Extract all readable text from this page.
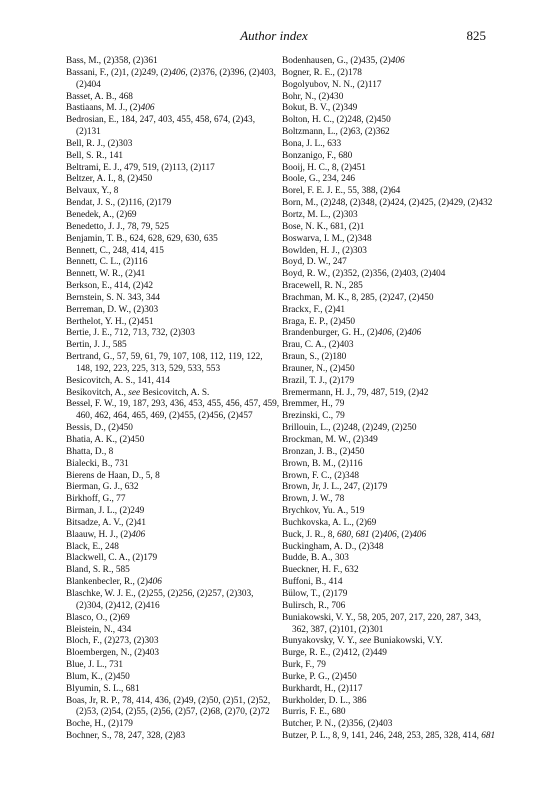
Author index	825
Bass, M., (2)358, (2)361
Bassani, F., (2)1, (2)249, (2)406, (2)376, (2)396, (2)403, (2)404
Basset, A. B., 468
Bastiaans, M. J., (2)406
Bedrosian, E., 184, 247, 403, 455, 458, 674, (2)43, (2)131
Bell, R. J., (2)303
Bell, S. R., 141
Beltrami, E. J., 479, 519, (2)113, (2)117
Beltzer, A. I., 8, (2)450
Belvaux, Y., 8
Bendat, J. S., (2)116, (2)179
Benedek, A., (2)69
Benedetto, J. J., 78, 79, 525
Benjamin, T. B., 624, 628, 629, 630, 635
Bennett, C., 248, 414, 415
Bennett, C. L., (2)116
Bennett, W. R., (2)41
Berkson, E., 414, (2)42
Bernstein, S. N. 343, 344
Berreman, D. W., (2)303
Berthelot, Y. H., (2)451
Bertie, J. E., 712, 713, 732, (2)303
Bertin, J. J., 585
Bertrand, G., 57, 59, 61, 79, 107, 108, 112, 119, 122, 148, 192, 223, 225, 313, 529, 533, 553
Besicovitch, A. S., 141, 414
Besikovitch, A., see Besicovitch, A. S.
Bessel, F. W., 19, 187, 293, 436, 453, 455, 456, 457, 459, 460, 462, 464, 465, 469, (2)455, (2)456, (2)457
Bessis, D., (2)450
Bhatia, A. K., (2)450
Bhatta, D., 8
Bialecki, B., 731
Bierens de Haan, D., 5, 8
Bierman, G. J., 632
Birkhoff, G., 77
Birman, J. L., (2)249
Bitsadze, A. V., (2)41
Blaauw, H. J., (2)406
Black, E., 248
Blackwell, C. A., (2)179
Bland, S. R., 585
Blankenbecler, R., (2)406
Blaschke, W. J. E., (2)255, (2)256, (2)257, (2)303, (2)304, (2)412, (2)416
Blasco, O., (2)69
Bleistein, N., 434
Bloch, F., (2)273, (2)303
Bloembergen, N., (2)403
Blue, J. L., 731
Blum, K., (2)450
Blyumin, S. L., 681
Boas, Jr, R. P., 78, 414, 436, (2)49, (2)50, (2)51, (2)52, (2)53, (2)54, (2)55, (2)56, (2)57, (2)68, (2)70, (2)72
Boche, H., (2)179
Bochner, S., 78, 247, 328, (2)83
Bodenhausen, G., (2)435, (2)406
Bogner, R. E., (2)178
Bogolyubov, N. N., (2)117
Bohr, N., (2)430
Bokut, B. V., (2)349
Bolton, H. C., (2)248, (2)450
Boltzmann, L., (2)63, (2)362
Bona, J. L., 633
Bonzanigo, F., 680
Booij, H. C., 8, (2)451
Boole, G., 234, 246
Borel, F. E. J. E., 55, 388, (2)64
Born, M., (2)248, (2)348, (2)424, (2)425, (2)429, (2)432
Bortz, M. L., (2)303
Bose, N. K., 681, (2)1
Boswarva, I. M., (2)348
Bowlden, H. J., (2)303
Boyd, D. W., 247
Boyd, R. W., (2)352, (2)356, (2)403, (2)404
Bracewell, R. N., 285
Brachman, M. K., 8, 285, (2)247, (2)450
Brackx, F., (2)41
Braga, E. P., (2)450
Brandenburger, G. H., (2)406, (2)406
Brau, C. A., (2)403
Braun, S., (2)180
Brauner, N., (2)450
Brazil, T. J., (2)179
Bremermann, H. J., 79, 487, 519, (2)42
Bremmer, H., 79
Brezinski, C., 79
Brillouin, L., (2)248, (2)249, (2)250
Brockman, M. W., (2)349
Bronzan, J. B., (2)450
Brown, B. M., (2)116
Brown, F. C., (2)348
Brown, Jr, J. L., 247, (2)179
Brown, J. W., 78
Brychkov, Yu. A., 519
Buchkovska, A. L., (2)69
Buck, J. R., 8, 680, 681 (2)406, (2)406
Buckingham, A. D., (2)348
Budde, B. A., 303
Bueckner, H. F., 632
Buffoni, B., 414
Bülow, T., (2)179
Bulirsch, R., 706
Buniakowski, V. Y., 58, 205, 207, 217, 220, 287, 343, 362, 387, (2)101, (2)301
Bunyakovsky, V. Y., see Buniakowski, V.Y.
Burge, R. E., (2)412, (2)449
Burk, F., 79
Burke, P. G., (2)450
Burkhardt, H., (2)117
Burkholder, D. L., 386
Burris, F. E., 680
Butcher, P. N., (2)356, (2)403
Butzer, P. L., 8, 9, 141, 246, 248, 253, 285, 328, 414, 681
